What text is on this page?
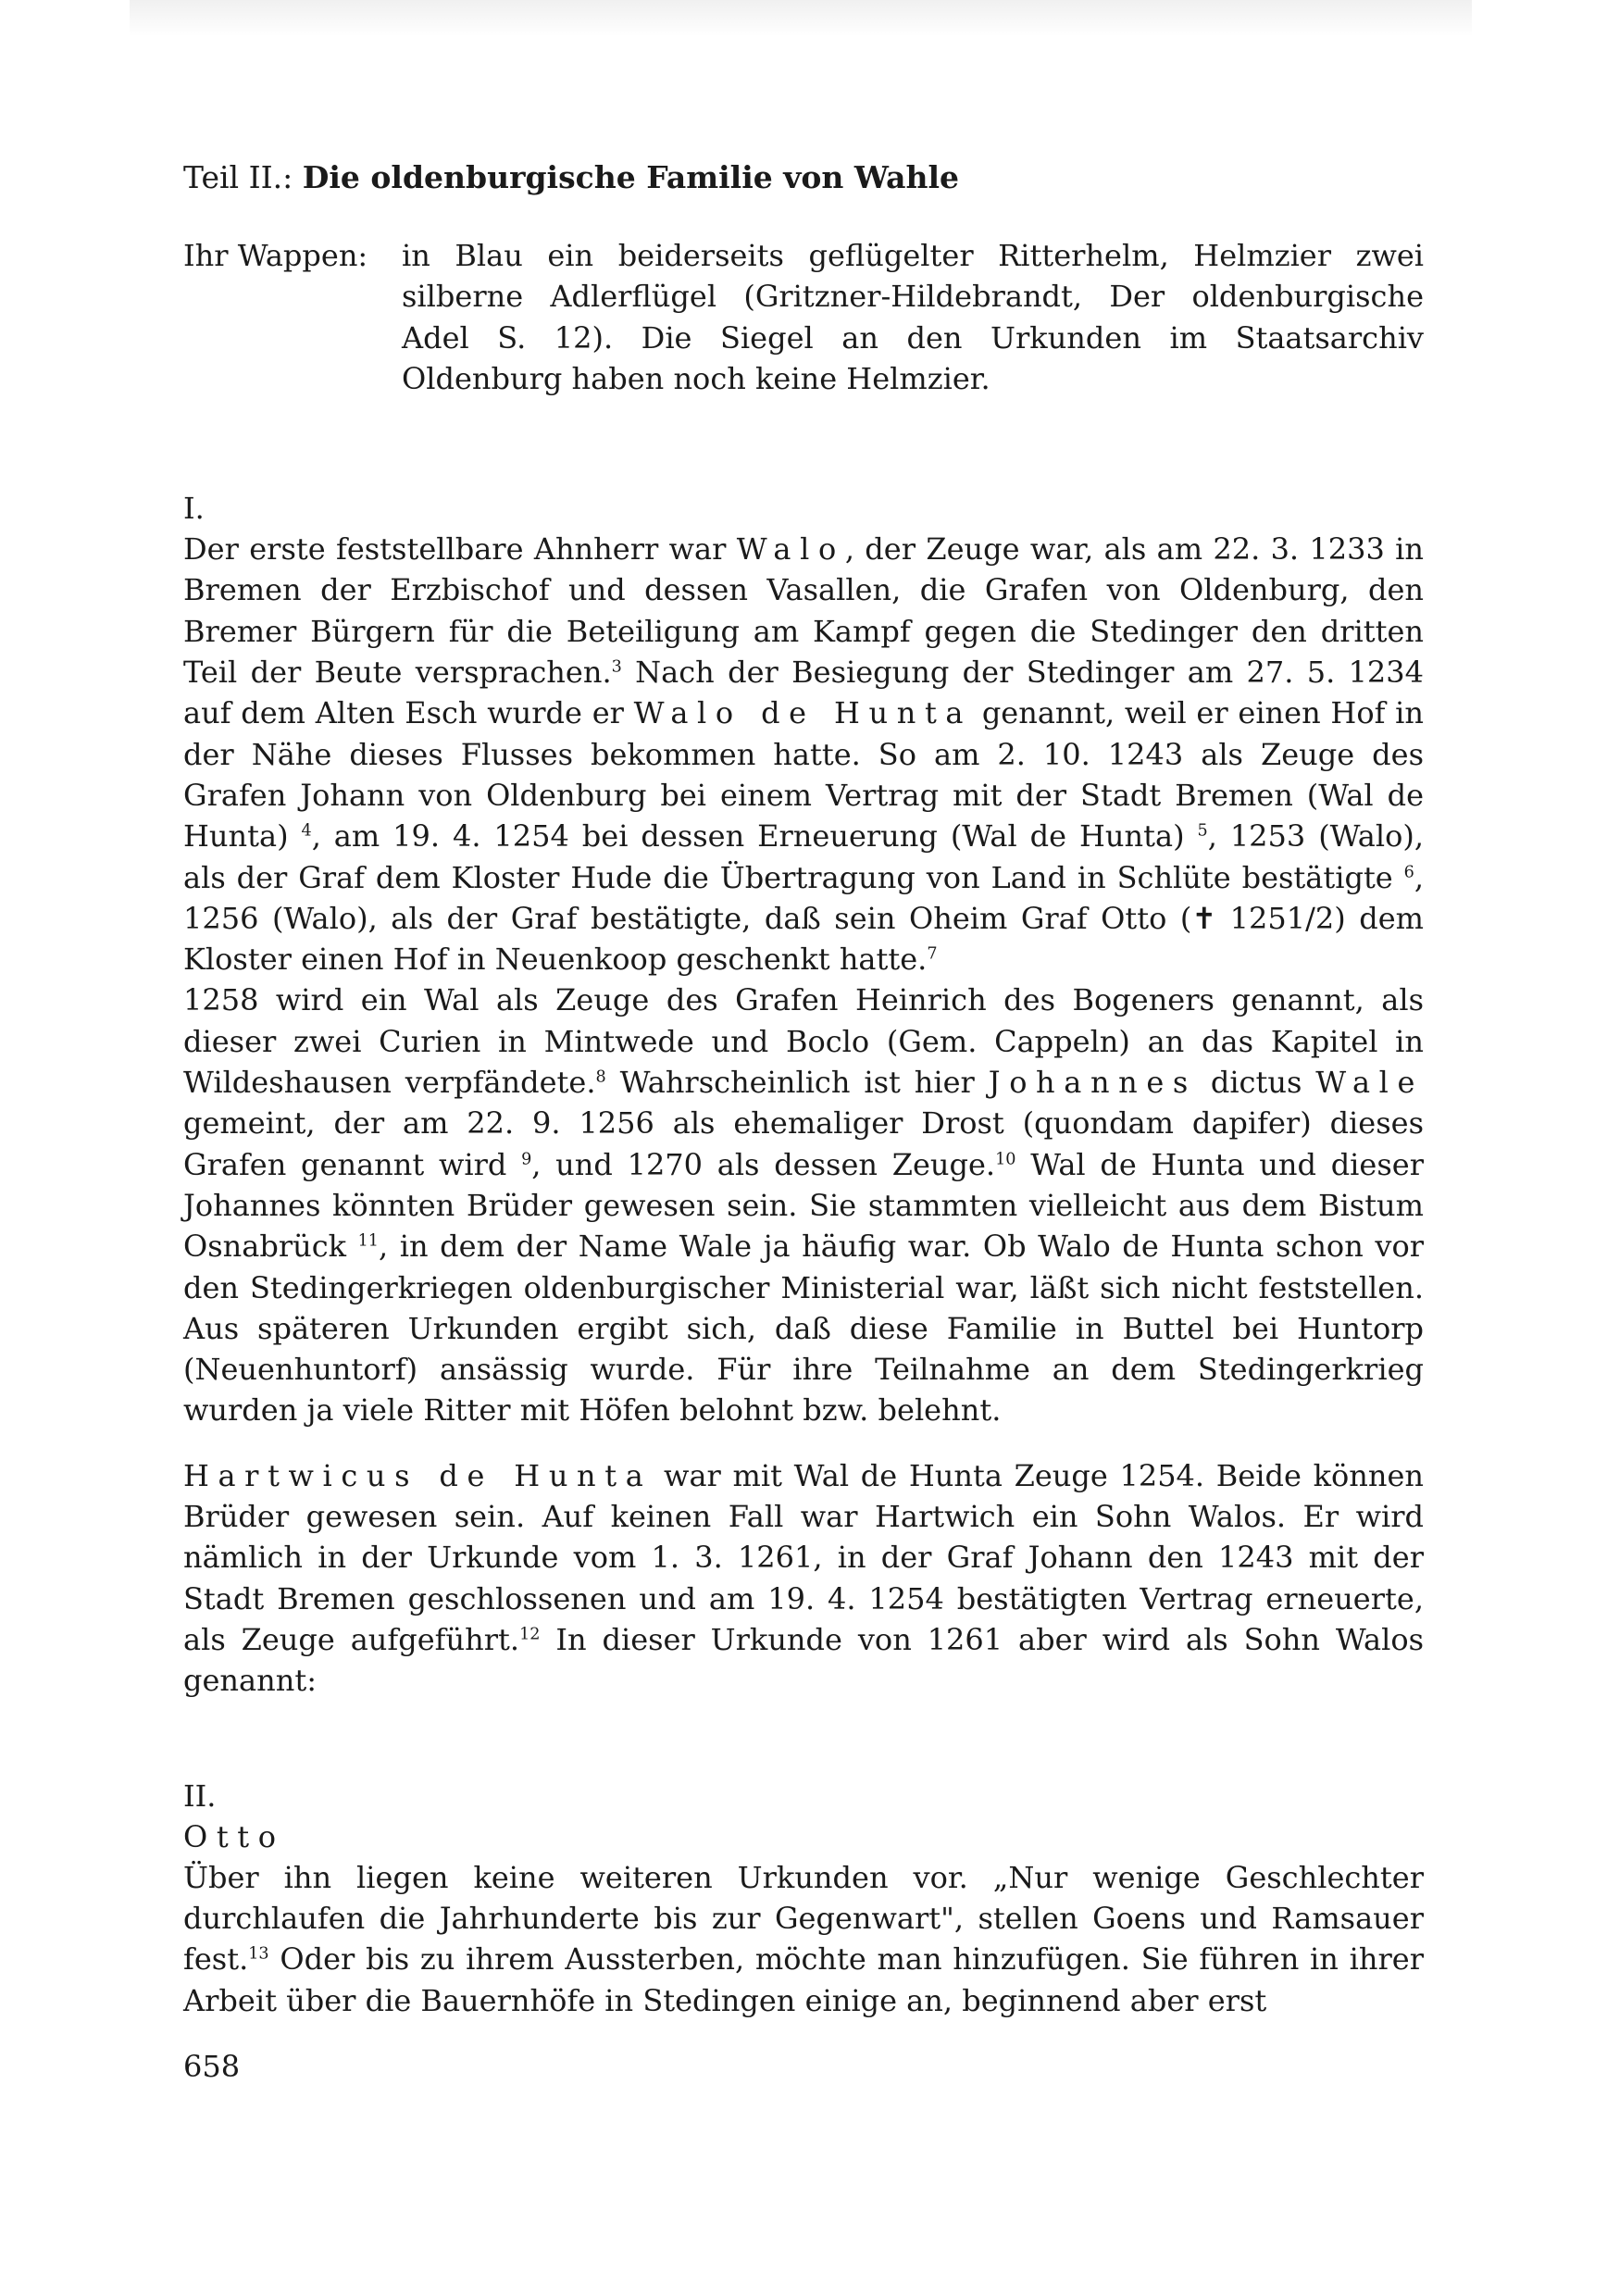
Teil II.: Die oldenburgische Familie von Wahle
Ihr Wappen:	in Blau ein beiderseits geflügelter Ritterhelm, Helmzier zwei silberne Adlerflügel (Gritzner-Hildebrandt, Der oldenburgische Adel S. 12). Die Siegel an den Urkunden im Staatsarchiv Oldenburg haben noch keine Helmzier.
I.

Der erste feststellbare Ahnherr war Walo, der Zeuge war, als am 22. 3. 1233 in Bremen der Erzbischof und dessen Vasallen, die Grafen von Oldenburg, den Bremer Bürgern für die Beteiligung am Kampf gegen die Stedinger den dritten Teil der Beute versprachen.$^3$ Nach der Besiegung der Stedinger am 27. 5. 1234 auf dem Alten Esch wurde er Walo de Hunta genannt, weil er einen Hof in der Nähe dieses Flusses bekommen hatte. So am 2. 10. 1243 als Zeuge des Grafen Johann von Oldenburg bei einem Vertrag mit der Stadt Bremen (Wal de Hunta) $^4$, am 19. 4. 1254 bei dessen Erneuerung (Wal de Hunta) $^5$, 1253 (Walo), als der Graf dem Kloster Hude die Übertragung von Land in Schlüte bestätigte $^6$, 1256 (Walo), als der Graf bestätigte, daß sein Oheim Graf Otto (✝ 1251/2) dem Kloster einen Hof in Neuenkoop geschenkt hatte.$^7$

1258 wird ein Wal als Zeuge des Grafen Heinrich des Bogeners genannt, als dieser zwei Curien in Mintwede und Boclo (Gem. Cappeln) an das Kapitel in Wildeshausen verpfändete.$^8$ Wahrscheinlich ist hier Johannes dictus Wale gemeint, der am 22. 9. 1256 als ehemaliger Drost (quondam dapifer) dieses Grafen genannt wird $^9$, und 1270 als dessen Zeuge.$^{10}$ Wal de Hunta und dieser Johannes könnten Brüder gewesen sein. Sie stammten vielleicht aus dem Bistum Osnabrück $^{11}$, in dem der Name Wale ja häufig war. Ob Walo de Hunta schon vor den Stedingerkriegen oldenburgischer Ministerial war, läßt sich nicht feststellen. Aus späteren Urkunden ergibt sich, daß diese Familie in Buttel bei Huntorp (Neuenhuntorf) ansässig wurde. Für ihre Teilnahme an dem Stedingerkrieg wurden ja viele Ritter mit Höfen belohnt bzw. belehnt.

Hartwicus de Hunta war mit Wal de Hunta Zeuge 1254. Beide können Brüder gewesen sein. Auf keinen Fall war Hartwich ein Sohn Walos. Er wird nämlich in der Urkunde vom 1. 3. 1261, in der Graf Johann den 1243 mit der Stadt Bremen geschlossenen und am 19. 4. 1254 bestätigten Vertrag erneuerte, als Zeuge aufgeführt.$^{12}$ In dieser Urkunde von 1261 aber wird als Sohn Walos genannt:

II.
Otto

Über ihn liegen keine weiteren Urkunden vor. „Nur wenige Geschlechter durchlaufen die Jahrhunderte bis zur Gegenwart", stellen Goens und Ramsauer fest.$^{13}$ Oder bis zu ihrem Aussterben, möchte man hinzufügen. Sie führen in ihrer Arbeit über die Bauernhöfe in Stedingen einige an, beginnend aber erst

658
